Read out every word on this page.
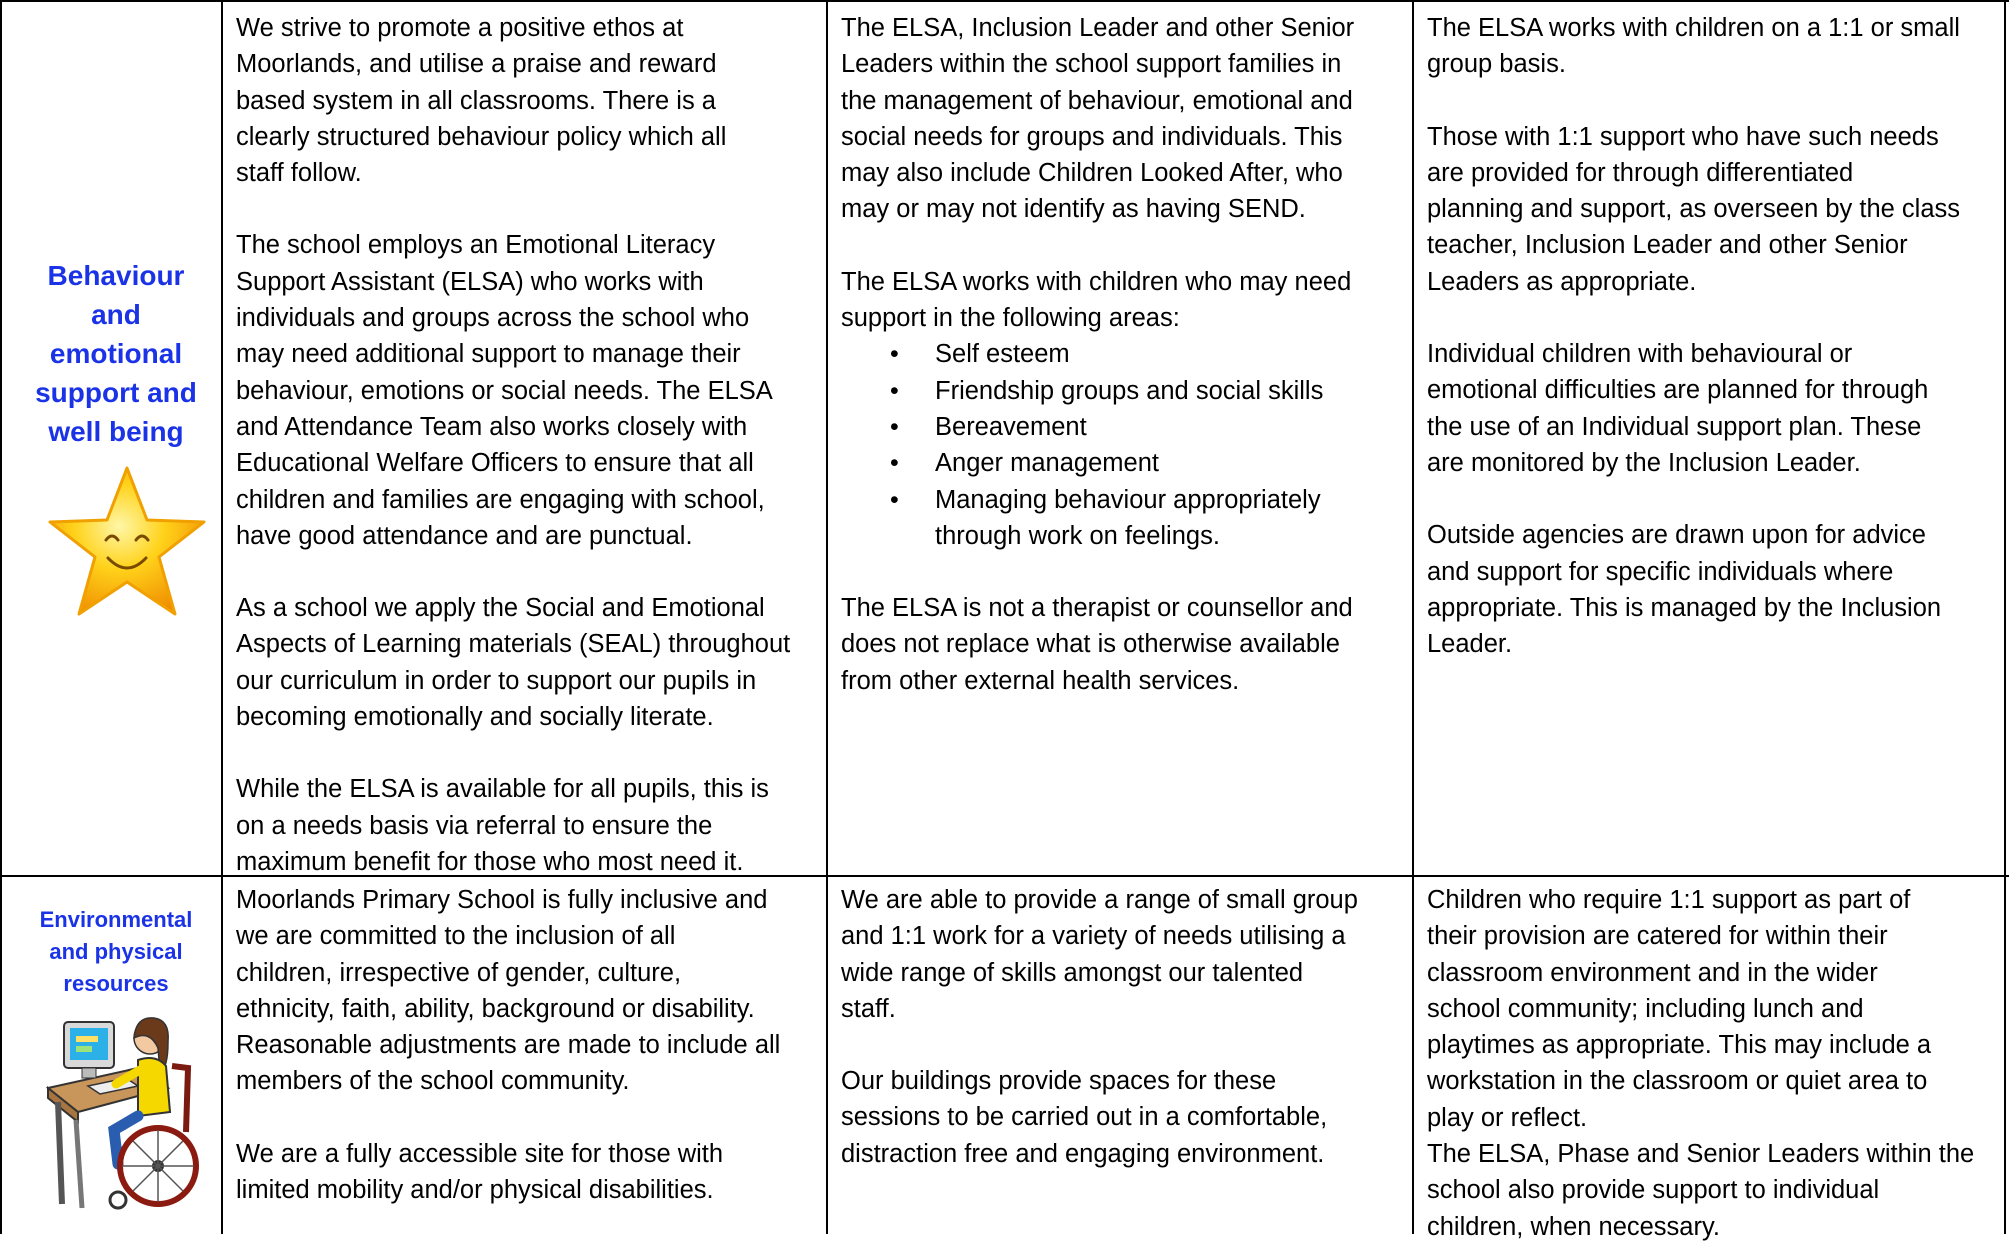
Behaviour
and
emotional
support and
well being

We strive to promote a positive ethos at
Moorlands, and utilise a praise and reward
based system in all classrooms. There is a
clearly structured behaviour policy which all
staff follow.

The school employs an Emotional Literacy
Support Assistant (ELSA) who works with
individuals and groups across the school who
may need additional support to manage their
behaviour, emotions or social needs. The ELSA
and Attendance Team also works closely with
Educational Welfare Officers to ensure that all
children and families are engaging with school,
have good attendance and are punctual.

As a school we apply the Social and Emotional
Aspects of Learning materials (SEAL) throughout
our curriculum in order to support our pupils in
becoming emotionally and socially literate.

While the ELSA is available for all pupils, this is
on a needs basis via referral to ensure the
maximum benefit for those who most need it.

The ELSA, Inclusion Leader and other Senior
Leaders within the school support families in
the management of behaviour, emotional and
social needs for groups and individuals. This
may also include Children Looked After, who
may or may not identify as having SEND.

The ELSA works with children who may need
support in the following areas:

• Self esteem
• Friendship groups and social skills
• Bereavement
• Anger management
• Managing behaviour appropriately
through work on feelings.

The ELSA is not a therapist or counsellor and
does not replace what is otherwise available
from other external health services.

The ELSA works with children on a 1:1 or small
group basis.

Those with 1:1 support who have such needs
are provided for through differentiated
planning and support, as overseen by the class
teacher, Inclusion Leader and other Senior
Leaders as appropriate.

Individual children with behavioural or
emotional difficulties are planned for through
the use of an Individual support plan. These
are monitored by the Inclusion Leader.

Outside agencies are drawn upon for advice
and support for specific individuals where
appropriate. This is managed by the Inclusion
Leader.

Environmental
and physical
resources

Moorlands Primary School is fully inclusive and
we are committed to the inclusion of all
children, irrespective of gender, culture,
ethnicity, faith, ability, background or disability.
Reasonable adjustments are made to include all
members of the school community.

We are a fully accessible site for those with
limited mobility and/or physical disabilities.

We are able to provide a range of small group
and 1:1 work for a variety of needs utilising a
wide range of skills amongst our talented
staff.

Our buildings provide spaces for these
sessions to be carried out in a comfortable,
distraction free and engaging environment.

Children who require 1:1 support as part of
their provision are catered for within their
classroom environment and in the wider
school community; including lunch and
playtimes as appropriate. This may include a
workstation in the classroom or quiet area to
play or reflect.
The ELSA, Phase and Senior Leaders within the
school also provide support to individual
children, when necessary.
